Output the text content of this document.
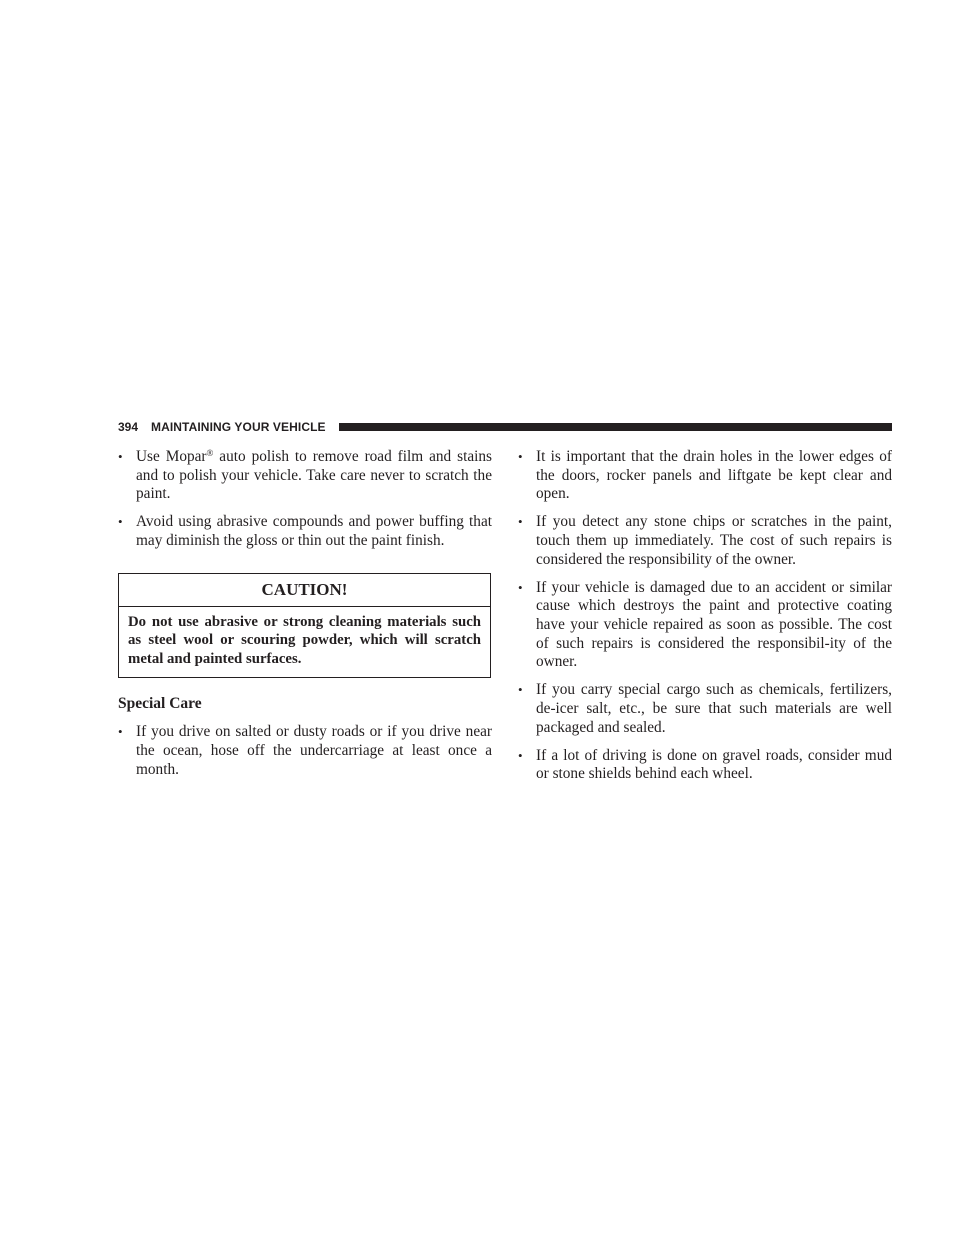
394 MAINTAINING YOUR VEHICLE
• Use Mopar® auto polish to remove road film and stains and to polish your vehicle. Take care never to scratch the paint.
• Avoid using abrasive compounds and power buffing that may diminish the gloss or thin out the paint finish.
CAUTION!
Do not use abrasive or strong cleaning materials such as steel wool or scouring powder, which will scratch metal and painted surfaces.
Special Care
• If you drive on salted or dusty roads or if you drive near the ocean, hose off the undercarriage at least once a month.
• It is important that the drain holes in the lower edges of the doors, rocker panels and liftgate be kept clear and open.
• If you detect any stone chips or scratches in the paint, touch them up immediately. The cost of such repairs is considered the responsibility of the owner.
• If your vehicle is damaged due to an accident or similar cause which destroys the paint and protective coating have your vehicle repaired as soon as possible. The cost of such repairs is considered the responsibil-ity of the owner.
• If you carry special cargo such as chemicals, fertilizers, de-icer salt, etc., be sure that such materials are well packaged and sealed.
• If a lot of driving is done on gravel roads, consider mud or stone shields behind each wheel.
